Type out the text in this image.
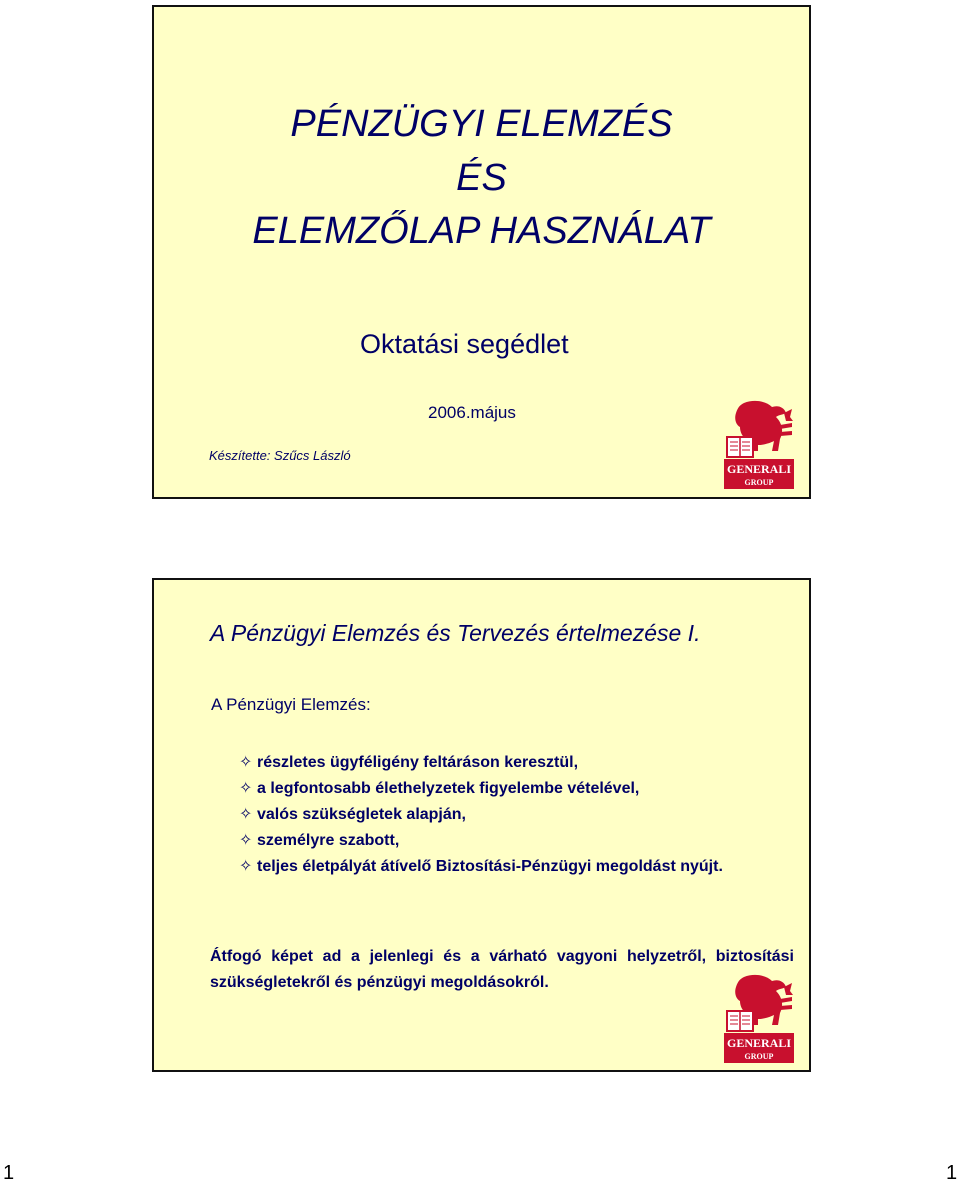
PÉNZÜGYI ELEMZÉS
ÉS
ELEMZŐLAP HASZNÁLAT
Oktatási segédlet
2006.május
Készítette: Szűcs László
GENERALI
GROUP
A Pénzügyi Elemzés és Tervezés értelmezése I.
A Pénzügyi Elemzés:
✧ részletes ügyféligény feltáráson keresztül,
✧ a legfontosabb élethelyzetek figyelembe vételével,
✧ valós szükségletek alapján,
✧ személyre szabott,
✧ teljes életpályát átívelő Biztosítási-Pénzügyi megoldást nyújt.
Átfogó képet ad a jelenlegi és a várható vagyoni helyzetről, biztosítási szükségletekről és pénzügyi megoldásokról.
GENERALI
GROUP
1	1
